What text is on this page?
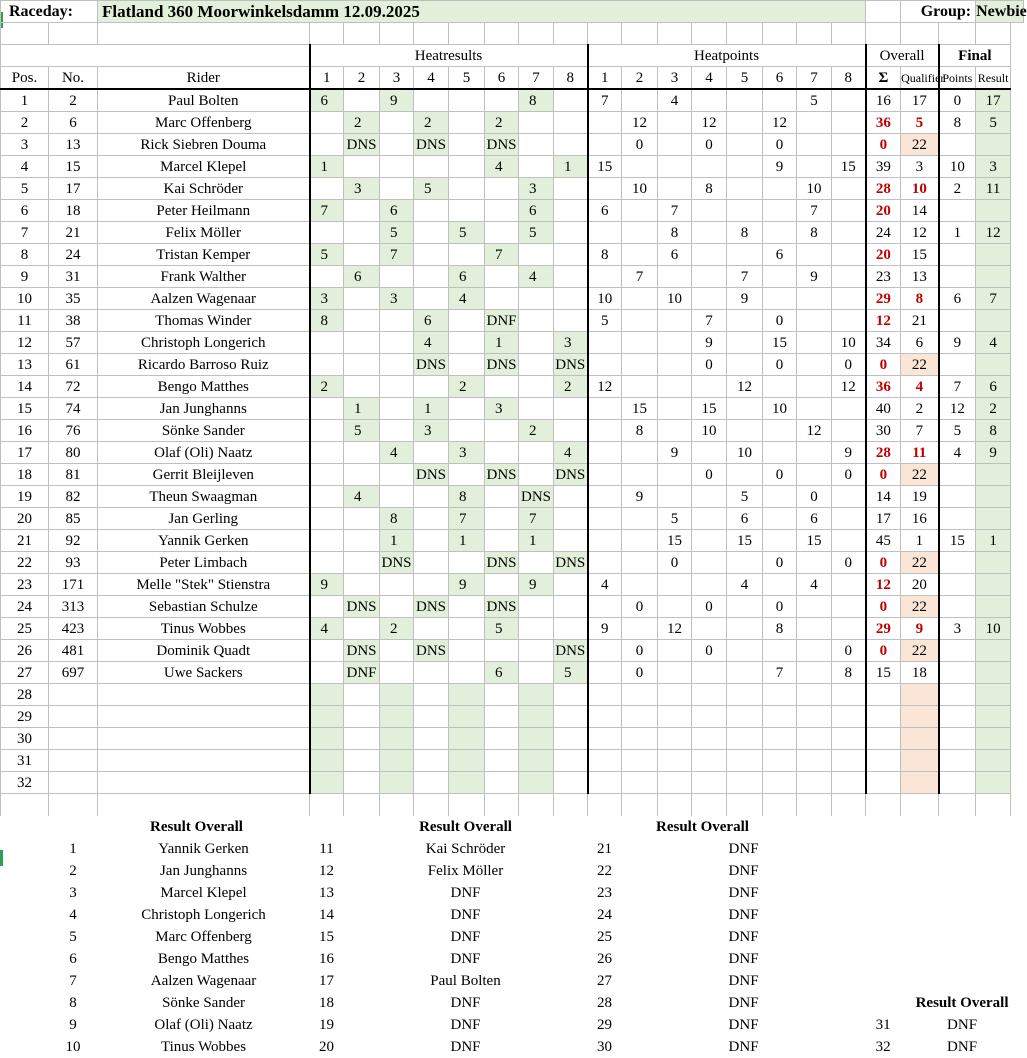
Raceday:		Flatland 360 Moorwinkelsdamm 12.09.2025																		Group:		Newbie	

			Heatresults								Heatpoints								Overall		Final		
Pos.	No.	Rider	1	2	3	4	5	6	7	8	1	2	3	4	5	6	7	8	Σ	Qualifier	Points	Result	
1	2	Paul Bolten	6		9				8		7		4				5		16	17	0	17	
2	6	Marc Offenberg		2		2		2				12		12		12			36	5	8	5	
3	13	Rick Siebren Douma		DNS		DNS		DNS				0		0		0			0	22			
4	15	Marcel Klepel	1					4		1	15					9		15	39	3	10	3	
5	17	Kai Schröder		3		5			3			10		8			10		28	10	2	11	
6	18	Peter Heilmann	7		6				6		6		7				7		20	14			
7	21	Felix Möller			5		5		5				8		8		8		24	12	1	12	
8	24	Tristan Kemper	5		7			7			8		6			6			20	15			
9	31	Frank Walther		6			6		4			7			7		9		23	13			
10	35	Aalzen Wagenaar	3		3		4				10		10		9				29	8	6	7	
11	38	Thomas Winder	8			6		DNF			5			7		0			12	21			
12	57	Christoph Longerich				4		1		3				9		15		10	34	6	9	4	
13	61	Ricardo Barroso Ruiz				DNS		DNS		DNS				0		0		0	0	22			
14	72	Bengo Matthes	2				2			2	12				12			12	36	4	7	6	
15	74	Jan Junghanns		1		1		3				15		15		10			40	2	12	2	
16	76	Sönke Sander		5		3			2			8		10			12		30	7	5	8	
17	80	Olaf (Oli) Naatz			4		3			4			9		10			9	28	11	4	9	
18	81	Gerrit Bleijleven				DNS		DNS		DNS				0		0		0	0	22			
19	82	Theun Swaagman		4			8		DNS			9			5		0		14	19			
20	85	Jan Gerling			8		7		7				5		6		6		17	16			
21	92	Yannik Gerken			1		1		1				15		15		15		45	1	15	1	
22	93	Peter Limbach			DNS			DNS		DNS			0			0		0	0	22			
23	171	Melle "Stek" Stienstra	9				9		9		4				4		4		12	20			
24	313	Sebastian Schulze		DNS		DNS		DNS				0		0		0			0	22			
25	423	Tinus Wobbes	4		2			5			9		12			8			29	9	3	10	
26	481	Dominik Quadt		DNS		DNS				DNS		0		0				0	0	22			
27	697	Uwe Sackers		DNF				6		5		0				7		8	15	18			
28																							
29																							
30																							
31																							
32																							

		Result Overall		Result Overall								Result Overall											
	1	Yannik Gerken	11	Kai Schröder							21	DNF											
	2	Jan Junghanns	12	Felix Möller							22	DNF											
	3	Marcel Klepel	13	DNF							23	DNF											
	4	Christoph Longerich	14	DNF							24	DNF											
	5	Marc Offenberg	15	DNF							25	DNF											
	6	Bengo Matthes	16	DNF							26	DNF											
	7	Aalzen Wagenaar	17	Paul Bolten							27	DNF											
	8	Sönke Sander	18	DNF							28	DNF								Result Overall			
	9	Olaf (Oli) Naatz	19	DNF							29	DNF							31	DNF			
	10	Tinus Wobbes	20	DNF							30	DNF							32	DNF			
